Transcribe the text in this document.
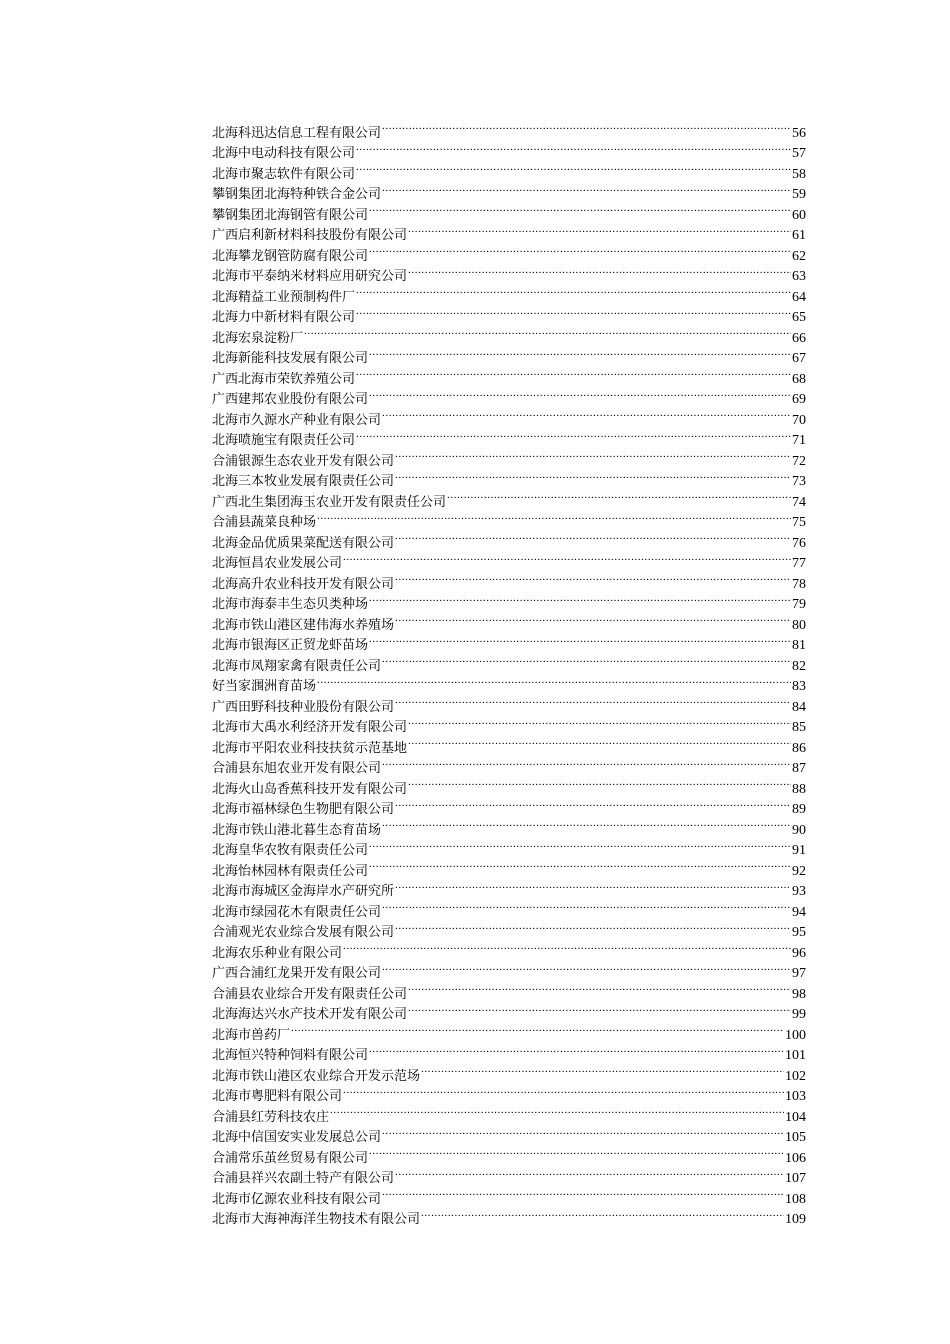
北海科迅达信息工程有限公司 .....	56
北海中电动科技有限公司 .....	57
北海市聚志软件有限公司 .....	58
攀钢集团北海特种铁合金公司 .....	59
攀钢集团北海钢管有限公司 .....	60
广西启利新材料科技股份有限公司 .....	61
北海攀龙钢管防腐有限公司 .....	62
北海市平泰纳米材料应用研究公司 .....	63
北海精益工业预制构件厂 .....	64
北海力中新材料有限公司 .....	65
北海宏泉淀粉厂 .....	66
北海新能科技发展有限公司 .....	67
广西北海市荣钦养殖公司 .....	68
广西建邦农业股份有限公司 .....	69
北海市久源水产种业有限公司 .....	70
北海喷施宝有限责任公司 .....	71
合浦银源生态农业开发有限公司 .....	72
北海三本牧业发展有限责任公司 .....	73
广西北生集团海玉农业开发有限责任公司 .....	74
合浦县蔬菜良种场 .....	75
北海金品优质果菜配送有限公司 .....	76
北海恒昌农业发展公司 .....	77
北海高升农业科技开发有限公司 .....	78
北海市海泰丰生态贝类种场 .....	79
北海市铁山港区建伟海水养殖场 .....	80
北海市银海区正贸龙虾苗场 .....	81
北海市凤翔家禽有限责任公司 .....	82
好当家涠洲育苗场 .....	83
广西田野科技种业股份有限公司 .....	84
北海市大禹水利经济开发有限公司 .....	85
北海市平阳农业科技扶贫示范基地 .....	86
合浦县东旭农业开发有限公司 .....	87
北海火山岛香蕉科技开发有限公司 .....	88
北海市福林绿色生物肥有限公司 .....	89
北海市铁山港北暮生态育苗场 .....	90
北海皇华农牧有限责任公司 .....	91
北海怡林园林有限责任公司 .....	92
北海市海城区金海岸水产研究所 .....	93
北海市绿园花木有限责任公司 .....	94
合浦观光农业综合发展有限公司 .....	95
北海农乐种业有限公司 .....	96
广西合浦红龙果开发有限公司 .....	97
合浦县农业综合开发有限责任公司 .....	98
北海海达兴水产技术开发有限公司 .....	99
北海市兽药厂 .....	100
北海恒兴特种饲料有限公司 .....	101
北海市铁山港区农业综合开发示范场 .....	102
北海市粤肥料有限公司 .....	103
合浦县红劳科技农庄 .....	104
北海中信国安实业发展总公司 .....	105
合浦常乐茧丝贸易有限公司 .....	106
合浦县祥兴农副土特产有限公司 .....	107
北海市亿源农业科技有限公司 .....	108
北海市大海神海洋生物技术有限公司 .....	109
